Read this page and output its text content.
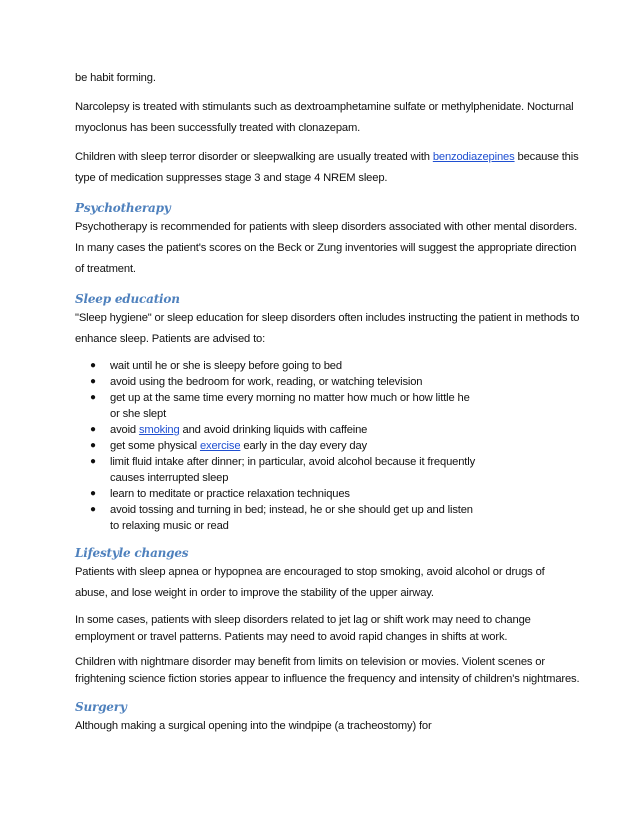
be habit forming.

Narcolepsy is treated with stimulants such as dextroamphetamine sulfate or methylphenidate. Nocturnal myoclonus has been successfully treated with clonazepam.

Children with sleep terror disorder or sleepwalking are usually treated with benzodiazepines because this type of medication suppresses stage 3 and stage 4 NREM sleep.

Psychotherapy

Psychotherapy is recommended for patients with sleep disorders associated with other mental disorders. In many cases the patient's scores on the Beck or Zung inventories will suggest the appropriate direction of treatment.

Sleep education

"Sleep hygiene" or sleep education for sleep disorders often includes instructing the patient in methods to enhance sleep. Patients are advised to:

● wait until he or she is sleepy before going to bed
● avoid using the bedroom for work, reading, or watching television
● get up at the same time every morning no matter how much or how little he or she slept
● avoid smoking and avoid drinking liquids with caffeine
● get some physical exercise early in the day every day
● limit fluid intake after dinner; in particular, avoid alcohol because it frequently causes interrupted sleep
● learn to meditate or practice relaxation techniques
● avoid tossing and turning in bed; instead, he or she should get up and listen to relaxing music or read
Lifestyle changes

Patients with sleep apnea or hypopnea are encouraged to stop smoking, avoid alcohol or drugs of abuse, and lose weight in order to improve the stability of the upper airway.

In some cases, patients with sleep disorders related to jet lag or shift work may need to change employment or travel patterns. Patients may need to avoid rapid changes in shifts at work.

Children with nightmare disorder may benefit from limits on television or movies. Violent scenes or frightening science fiction stories appear to influence the frequency and intensity of children's nightmares.

Surgery

Although making a surgical opening into the windpipe (a tracheostomy) for
